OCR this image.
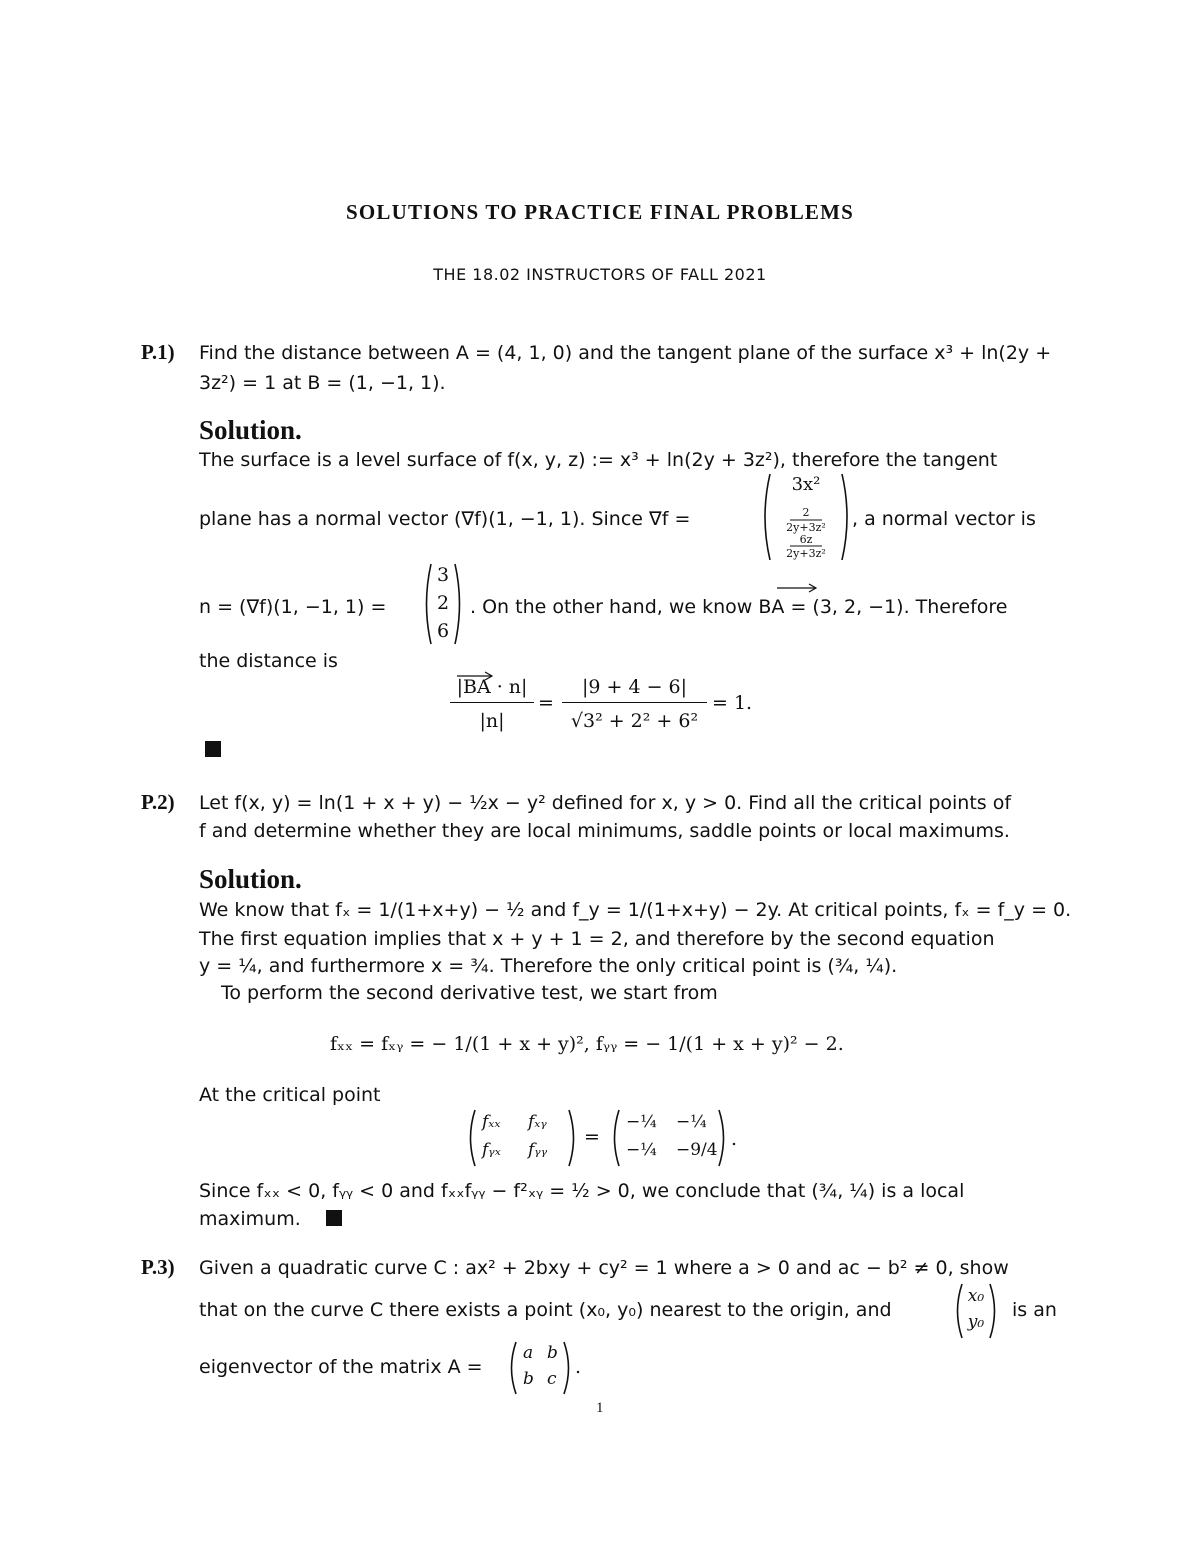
SOLUTIONS TO PRACTICE FINAL PROBLEMS
THE 18.02 INSTRUCTORS OF FALL 2021
P.1) Find the distance between A = (4, 1, 0) and the tangent plane of the surface x³ + ln(2y +
3z²) = 1 at B = (1, −1, 1).
Solution.
The surface is a level surface of f(x, y, z) := x³ + ln(2y + 3z²), therefore the tangent
plane has a normal vector (∇f)(1, −1, 1). Since ∇f =
3x²
2
2y+3z²
6z
2y+3z²
, a normal vector is
n = (∇f)(1, −1, 1) =
3
2
6
. On the other hand, we know BA = (3, 2, −1). Therefore
the distance is
|BA · n|
|n|
=
|9 + 4 − 6|
√3² + 2² + 6²
= 1.
P.2) Let f(x, y) = ln(1 + x + y) − ½x − y² defined for x, y > 0. Find all the critical points of
f and determine whether they are local minimums, saddle points or local maximums.
Solution.
We know that fₓ = 1/(1+x+y) − ½ and f_y = 1/(1+x+y) − 2y. At critical points, fₓ = f_y = 0.
The first equation implies that x + y + 1 = 2, and therefore by the second equation
y = ¼, and furthermore x = ¾. Therefore the only critical point is (¾, ¼).
To perform the second derivative test, we start from
fₓₓ = fₓᵧ = − 1/(1 + x + y)², fᵧᵧ = − 1/(1 + x + y)² − 2.
At the critical point
fₓₓ fₓᵧ
fᵧₓ fᵧᵧ
=
−¼ −¼
−¼ −9/4 .
Since fₓₓ < 0, fᵧᵧ < 0 and fₓₓfᵧᵧ − f²ₓᵧ = ½ > 0, we conclude that (¾, ¼) is a local
maximum.
P.3) Given a quadratic curve C : ax² + 2bxy + cy² = 1 where a > 0 and ac − b² ≠ 0, show
that on the curve C there exists a point (x₀, y₀) nearest to the origin, and
x₀
y₀
is an
eigenvector of the matrix A =
a b
b c
.
1
